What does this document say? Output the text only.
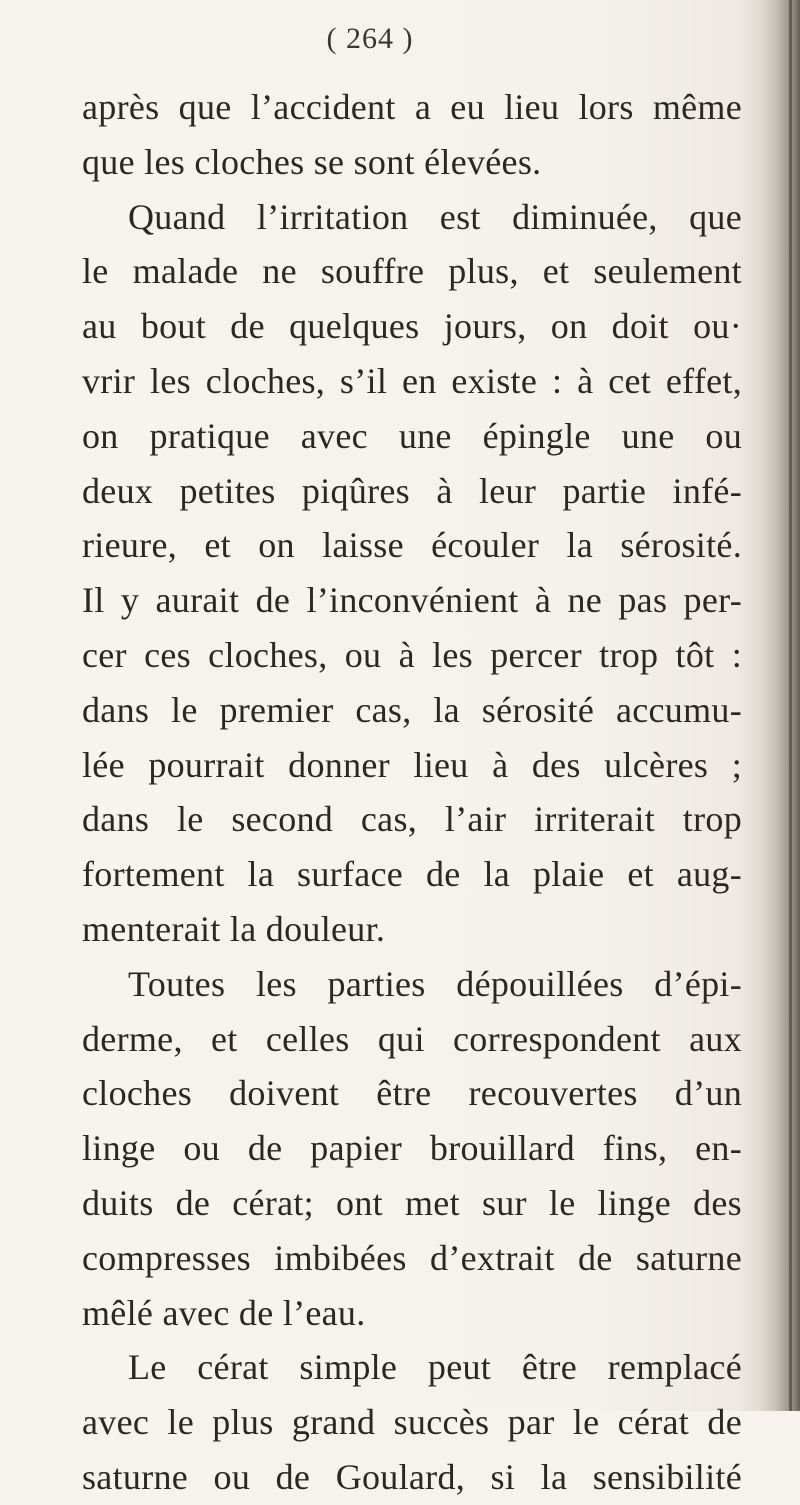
( 264 )
après que l’accident a eu lieu lors même
que les cloches se sont élevées.
Quand l’irritation est diminuée, que
le malade ne souffre plus, et seulement
au bout de quelques jours, on doit ou·
vrir les cloches, s’il en existe : à cet effet,
on pratique avec une épingle une ou
deux petites piqûres à leur partie infé-
rieure, et on laisse écouler la sérosité.
Il y aurait de l’inconvénient à ne pas per-
cer ces cloches, ou à les percer trop tôt :
dans le premier cas, la sérosité accumu-
lée pourrait donner lieu à des ulcères ;
dans le second cas, l’air irriterait trop
fortement la surface de la plaie et aug-
menterait la douleur.
Toutes les parties dépouillées d’épi-
derme, et celles qui correspondent aux
cloches doivent être recouvertes d’un
linge ou de papier brouillard fins, en-
duits de cérat; ont met sur le linge des
compresses imbibées d’extrait de saturne
mêlé avec de l’eau.
Le cérat simple peut être remplacé
avec le plus grand succès par le cérat de
saturne ou de Goulard, si la sensibilité
